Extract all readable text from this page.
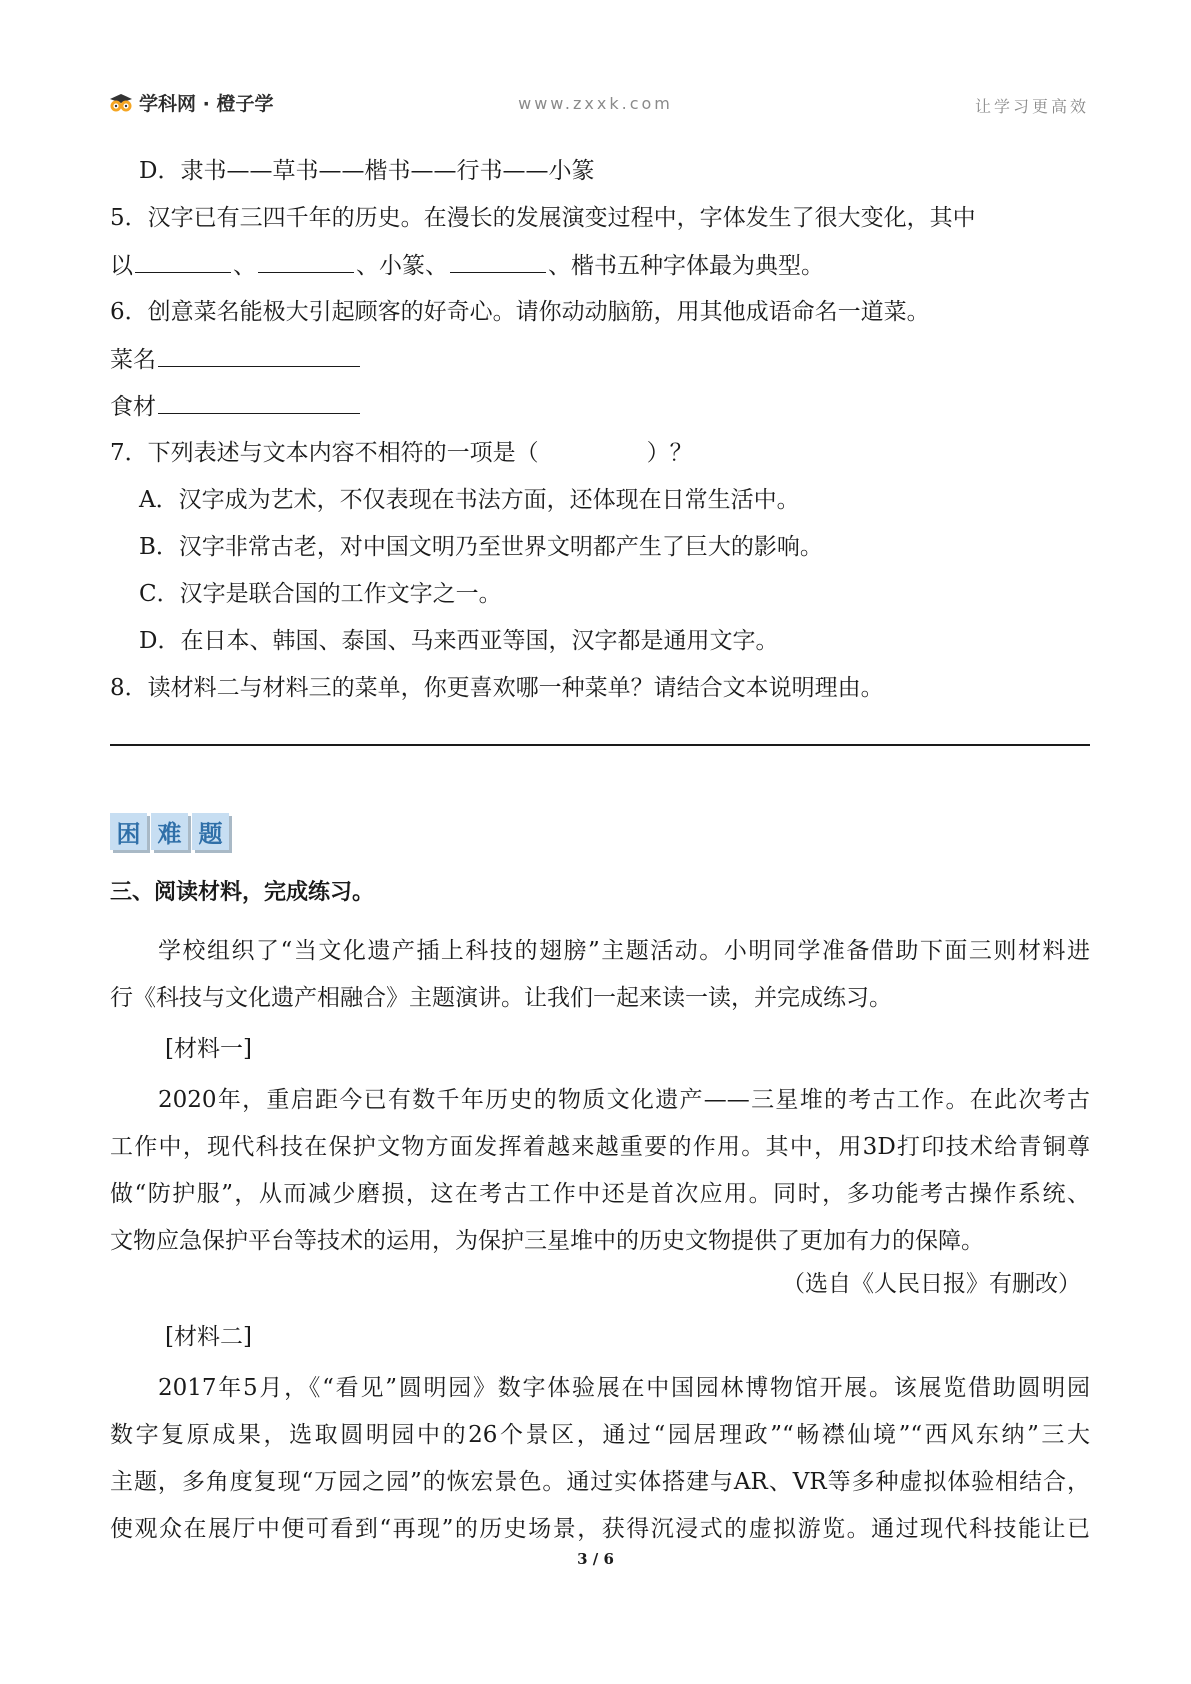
学科网 · 橙子学	www.zxxk.com	让学习更高效
D．隶书——草书——楷书——行书——小篆
5．汉字已有三四千年的历史。在漫长的发展演变过程中，字体发生了很大变化，其中
以	、	、小篆、	、楷书五种字体最为典型。
6．创意菜名能极大引起顾客的好奇心。请你动动脑筋，用其他成语命名一道菜。
菜名
食材
7．下列表述与文本内容不相符的一项是（	）？
A．汉字成为艺术，不仅表现在书法方面，还体现在日常生活中。
B．汉字非常古老，对中国文明乃至世界文明都产生了巨大的影响。
C．汉字是联合国的工作文字之一。
D．在日本、韩国、泰国、马来西亚等国，汉字都是通用文字。
8．读材料二与材料三的菜单，你更喜欢哪一种菜单？请结合文本说明理由。
困 难 题
三、阅读材料，完成练习。
学校组织了“当文化遗产插上科技的翅膀”主题活动。小明同学准备借助下面三则材料进
行《科技与文化遗产相融合》主题演讲。让我们一起来读一读，并完成练习。
[材料一]
2020年，重启距今已有数千年历史的物质文化遗产——三星堆的考古工作。在此次考古
工作中，现代科技在保护文物方面发挥着越来越重要的作用。其中，用3D打印技术给青铜尊
做“防护服”，从而减少磨损，这在考古工作中还是首次应用。同时，多功能考古操作系统、
文物应急保护平台等技术的运用，为保护三星堆中的历史文物提供了更加有力的保障。
（选自《人民日报》有删改）
[材料二]
2017年5月，《“看见”圆明园》数字体验展在中国园林博物馆开展。该展览借助圆明园
数字复原成果，选取圆明园中的26个景区，通过“园居理政”“畅襟仙境”“西风东纳”三大
主题，多角度复现“万园之园”的恢宏景色。通过实体搭建与AR、VR等多种虚拟体验相结合，
使观众在展厅中便可看到“再现”的历史场景，获得沉浸式的虚拟游览。通过现代科技能让已
3 / 6
